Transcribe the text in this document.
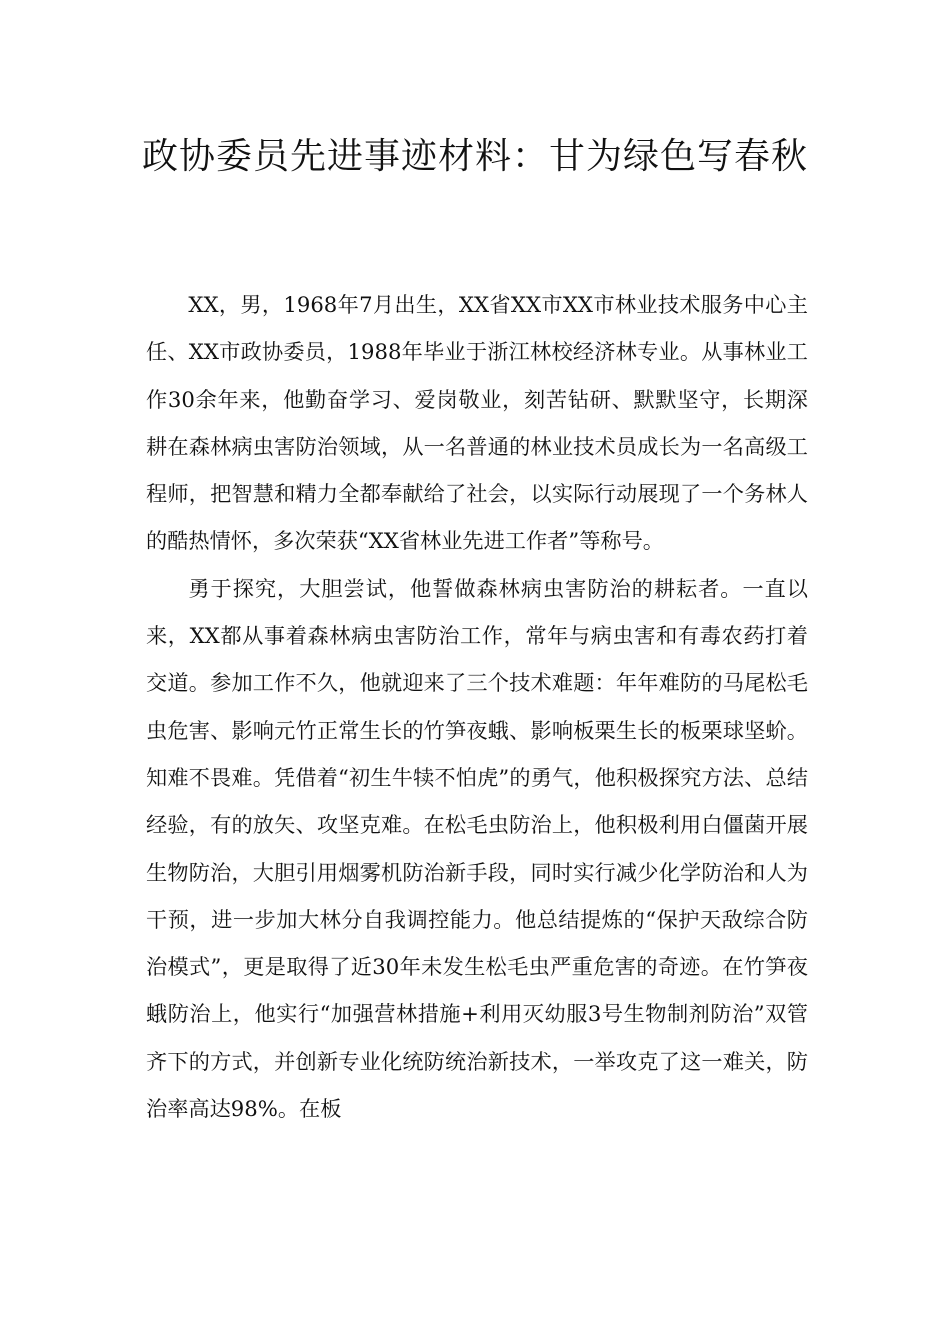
政协委员先进事迹材料：甘为绿色写春秋

XX，男，1968年7月出生，XX省XX市XX市林业技术服务中心主任、XX市政协委员，1988年毕业于浙江林校经济林专业。从事林业工作30余年来，他勤奋学习、爱岗敬业，刻苦钻研、默默坚守，长期深耕在森林病虫害防治领域，从一名普通的林业技术员成长为一名高级工程师，把智慧和精力全都奉献给了社会，以实际行动展现了一个务林人的酷热情怀，多次荣获“XX省林业先进工作者”等称号。

勇于探究，大胆尝试，他誓做森林病虫害防治的耕耘者。一直以来，XX都从事着森林病虫害防治工作，常年与病虫害和有毒农药打着交道。参加工作不久，他就迎来了三个技术难题：年年难防的马尾松毛虫危害、影响元竹正常生长的竹笋夜蛾、影响板栗生长的板栗球坚蚧。知难不畏难。凭借着“初生牛犊不怕虎”的勇气，他积极探究方法、总结经验，有的放矢、攻坚克难。在松毛虫防治上，他积极利用白僵菌开展生物防治，大胆引用烟雾机防治新手段，同时实行减少化学防治和人为干预，进一步加大林分自我调控能力。他总结提炼的“保护天敌综合防治模式”，更是取得了近30年未发生松毛虫严重危害的奇迹。在竹笋夜蛾防治上，他实行“加强营林措施+利用灭幼服3号生物制剂防治”双管齐下的方式，并创新专业化统防统治新技术，一举攻克了这一难关，防治率高达98%。在板
